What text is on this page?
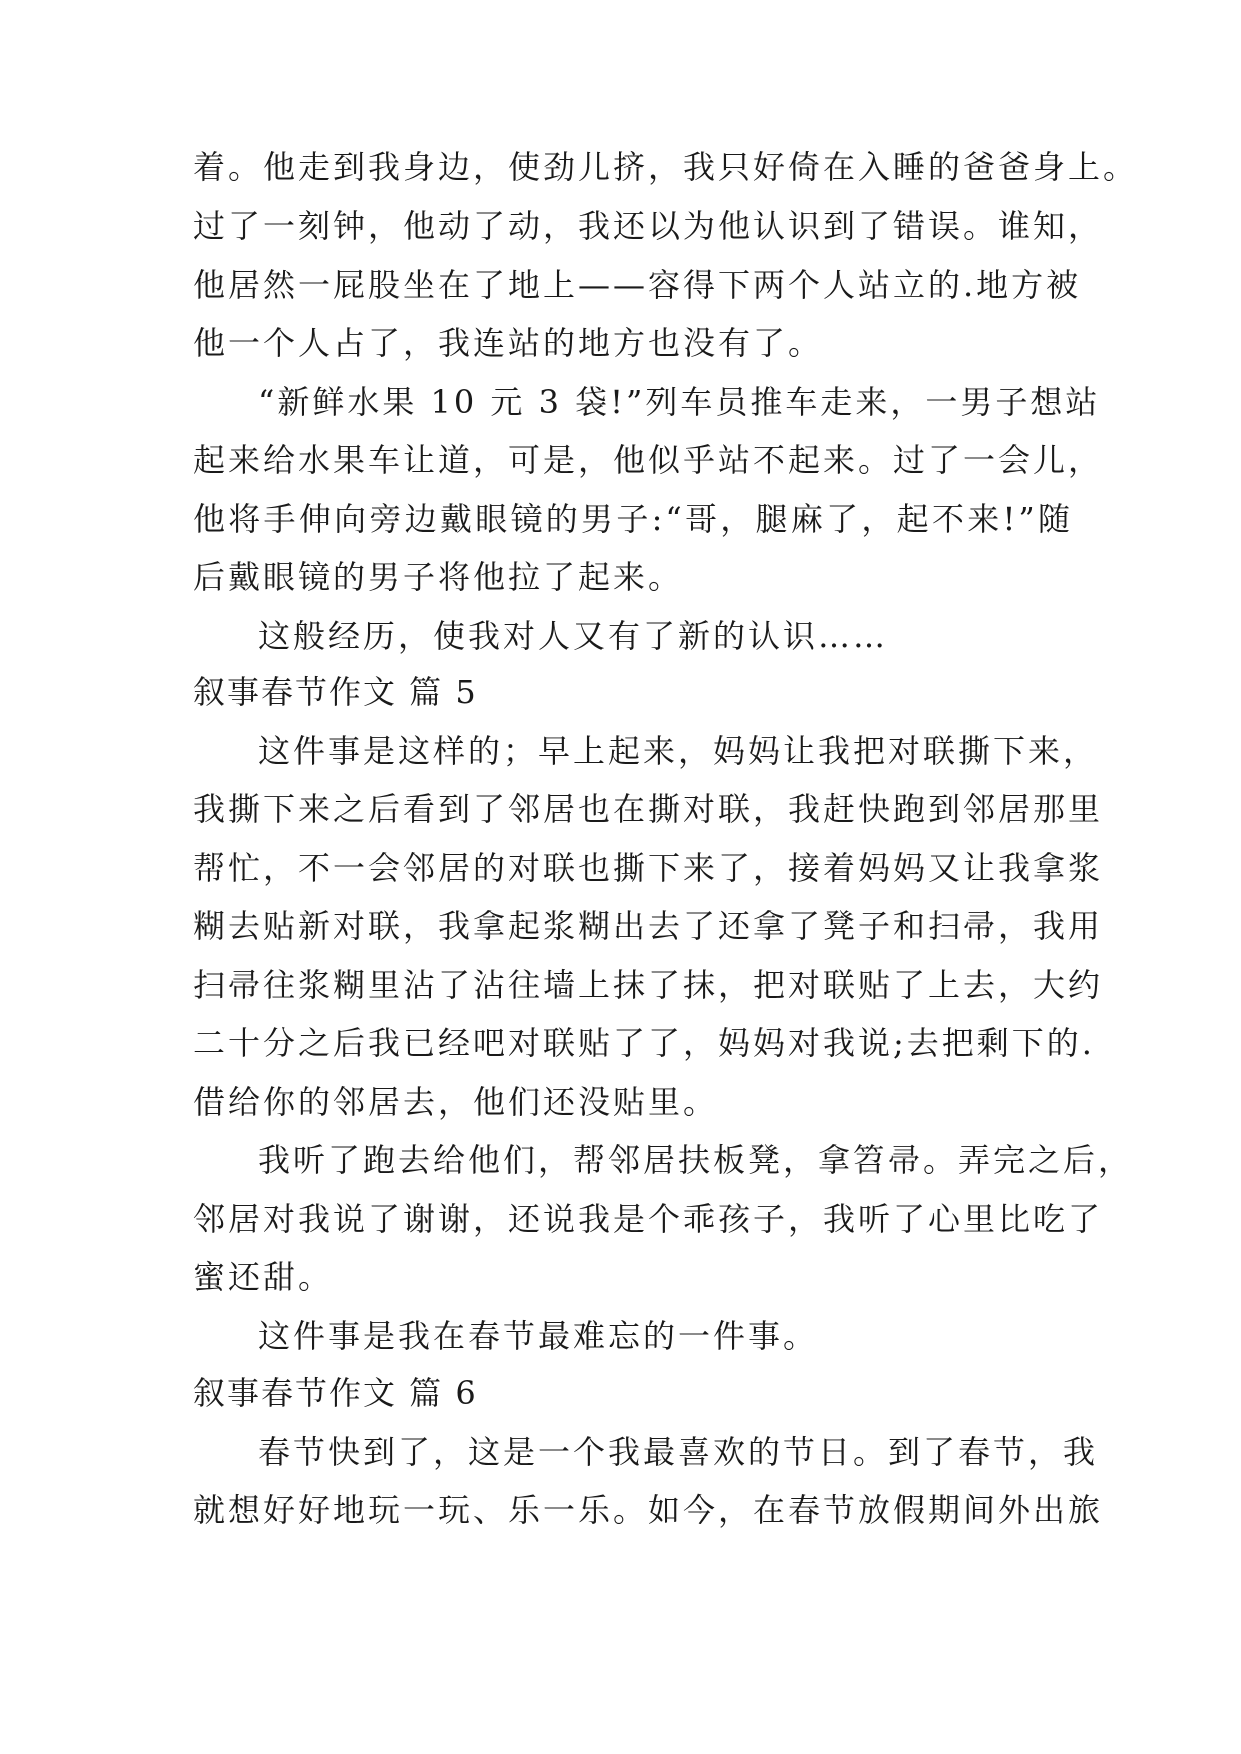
着。他走到我身边，使劲儿挤，我只好倚在入睡的爸爸身上。
过了一刻钟，他动了动，我还以为他认识到了错误。谁知，
他居然一屁股坐在了地上——容得下两个人站立的.地方被
他一个人占了，我连站的地方也没有了。
“新鲜水果 10 元 3 袋!”列车员推车走来，一男子想站
起来给水果车让道，可是，他似乎站不起来。过了一会儿，
他将手伸向旁边戴眼镜的男子:“哥，腿麻了，起不来!”随
后戴眼镜的男子将他拉了起来。
这般经历，使我对人又有了新的认识……
叙事春节作文 篇 5
这件事是这样的；早上起来，妈妈让我把对联撕下来，
我撕下来之后看到了邻居也在撕对联，我赶快跑到邻居那里
帮忙，不一会邻居的对联也撕下来了，接着妈妈又让我拿浆
糊去贴新对联，我拿起浆糊出去了还拿了凳子和扫帚，我用
扫帚往浆糊里沾了沾往墙上抹了抹，把对联贴了上去，大约
二十分之后我已经吧对联贴了了，妈妈对我说;去把剩下的.
借给你的邻居去，他们还没贴里。
我听了跑去给他们，帮邻居扶板凳，拿笤帚。弄完之后，
邻居对我说了谢谢，还说我是个乖孩子，我听了心里比吃了
蜜还甜。
这件事是我在春节最难忘的一件事。
叙事春节作文 篇 6
春节快到了，这是一个我最喜欢的节日。到了春节，我
就想好好地玩一玩、乐一乐。如今，在春节放假期间外出旅
